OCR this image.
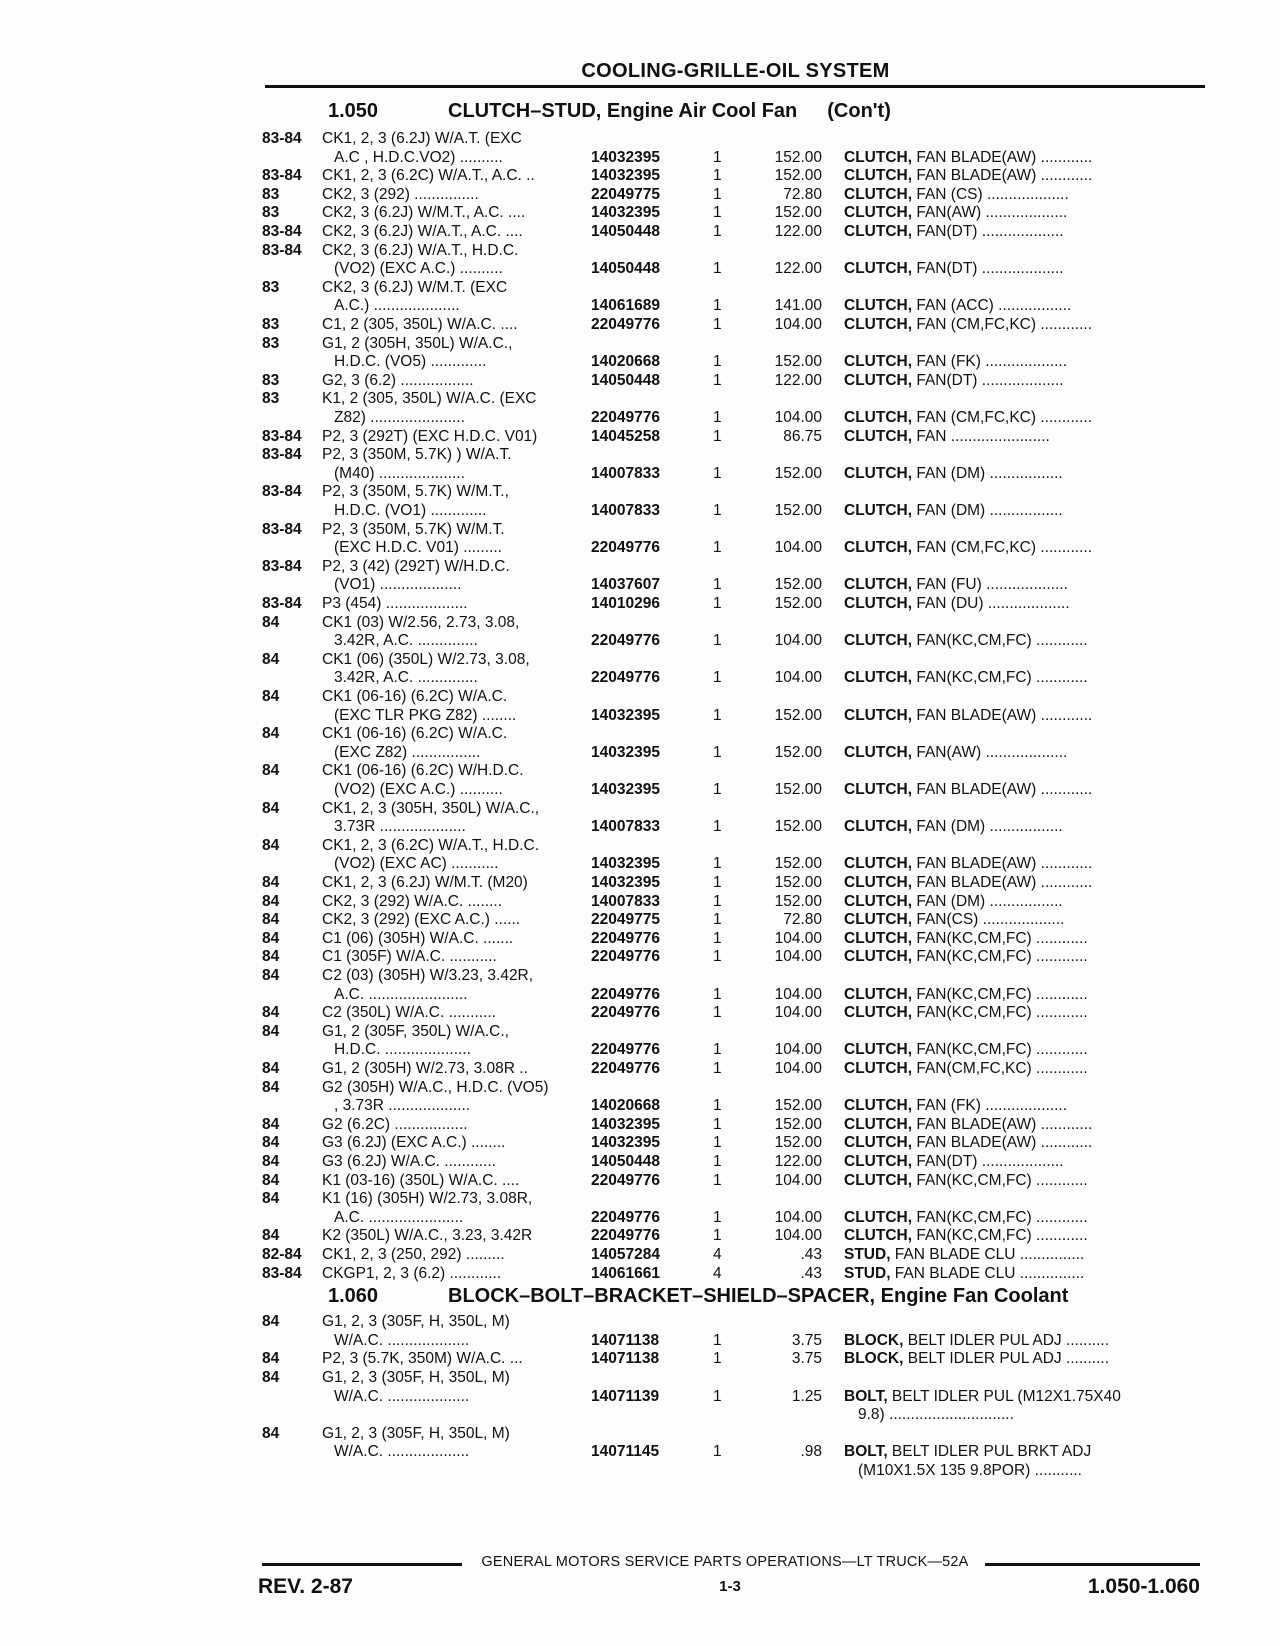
COOLING-GRILLE-OIL SYSTEM
1.050	CLUTCH–STUD, Engine Air Cool Fan (Con't)
1.060	BLOCK–BOLT–BRACKET–SHIELD–SPACER, Engine Fan Coolant
83-84	CK1, 2, 3 (6.2J) W/A.T. (EXC
A.C , H.D.C.VO2) ..........	14032395	1	152.00 CLUTCH, FAN BLADE(AW) ............
83-84	CK1, 2, 3 (6.2C) W/A.T., A.C. ..	14032395	1	152.00 CLUTCH, FAN BLADE(AW) ............
83	CK2, 3 (292) ...............	22049775	1	72.80 CLUTCH, FAN (CS) ...................
83	CK2, 3 (6.2J) W/M.T., A.C. ....	14032395	1	152.00 CLUTCH, FAN(AW) ...................
83-84	CK2, 3 (6.2J) W/A.T., A.C. ....	14050448	1	122.00 CLUTCH, FAN(DT) ...................
83-84	CK2, 3 (6.2J) W/A.T., H.D.C.
(VO2) (EXC A.C.) ..........	14050448	1	122.00 CLUTCH, FAN(DT) ...................
83	CK2, 3 (6.2J) W/M.T. (EXC
A.C.) ....................	14061689	1	141.00 CLUTCH, FAN (ACC) .................
83	C1, 2 (305, 350L) W/A.C. ....	22049776	1	104.00 CLUTCH, FAN (CM,FC,KC) ............
83	G1, 2 (305H, 350L) W/A.C.,
H.D.C. (VO5) .............	14020668	1	152.00 CLUTCH, FAN (FK) ...................
83	G2, 3 (6.2) .................	14050448	1	122.00 CLUTCH, FAN(DT) ...................
83	K1, 2 (305, 350L) W/A.C. (EXC
Z82) ......................	22049776	1	104.00 CLUTCH, FAN (CM,FC,KC) ............
83-84	P2, 3 (292T) (EXC H.D.C. V01)	14045258	1	86.75 CLUTCH, FAN .......................
83-84	P2, 3 (350M, 5.7K) ) W/A.T.
(M40) ....................	14007833	1	152.00 CLUTCH, FAN (DM) .................
83-84	P2, 3 (350M, 5.7K) W/M.T.,
H.D.C. (VO1) .............	14007833	1	152.00 CLUTCH, FAN (DM) .................
83-84	P2, 3 (350M, 5.7K) W/M.T.
(EXC H.D.C. V01) .........	22049776	1	104.00 CLUTCH, FAN (CM,FC,KC) ............
83-84	P2, 3 (42) (292T) W/H.D.C.
(VO1) ...................	14037607	1	152.00 CLUTCH, FAN (FU) ...................
83-84	P3 (454) ...................	14010296	1	152.00 CLUTCH, FAN (DU) ...................
84	CK1 (03) W/2.56, 2.73, 3.08,
3.42R, A.C. ..............	22049776	1	104.00 CLUTCH, FAN(KC,CM,FC) ............
84	CK1 (06) (350L) W/2.73, 3.08,
3.42R, A.C. ..............	22049776	1	104.00 CLUTCH, FAN(KC,CM,FC) ............
84	CK1 (06-16) (6.2C) W/A.C.
(EXC TLR PKG Z82) ........	14032395	1	152.00 CLUTCH, FAN BLADE(AW) ............
84	CK1 (06-16) (6.2C) W/A.C.
(EXC Z82) ................	14032395	1	152.00 CLUTCH, FAN(AW) ...................
84	CK1 (06-16) (6.2C) W/H.D.C.
(VO2) (EXC A.C.) ..........	14032395	1	152.00 CLUTCH, FAN BLADE(AW) ............
84	CK1, 2, 3 (305H, 350L) W/A.C.,
3.73R ....................	14007833	1	152.00 CLUTCH, FAN (DM) .................
84	CK1, 2, 3 (6.2C) W/A.T., H.D.C.
(VO2) (EXC AC) ...........	14032395	1	152.00 CLUTCH, FAN BLADE(AW) ............
84	CK1, 2, 3 (6.2J) W/M.T. (M20)	14032395	1	152.00 CLUTCH, FAN BLADE(AW) ............
84	CK2, 3 (292) W/A.C. ........	14007833	1	152.00 CLUTCH, FAN (DM) .................
84	CK2, 3 (292) (EXC A.C.) ......	22049775	1	72.80 CLUTCH, FAN(CS) ...................
84	C1 (06) (305H) W/A.C. .......	22049776	1	104.00 CLUTCH, FAN(KC,CM,FC) ............
84	C1 (305F) W/A.C. ...........	22049776	1	104.00 CLUTCH, FAN(KC,CM,FC) ............
84	C2 (03) (305H) W/3.23, 3.42R,
A.C. .......................	22049776	1	104.00 CLUTCH, FAN(KC,CM,FC) ............
84	C2 (350L) W/A.C. ...........	22049776	1	104.00 CLUTCH, FAN(KC,CM,FC) ............
84	G1, 2 (305F, 350L) W/A.C.,
H.D.C. ....................	22049776	1	104.00 CLUTCH, FAN(KC,CM,FC) ............
84	G1, 2 (305H) W/2.73, 3.08R ..	22049776	1	104.00 CLUTCH, FAN(CM,FC,KC) ............
84	G2 (305H) W/A.C., H.D.C. (VO5)
, 3.73R ...................	14020668	1	152.00 CLUTCH, FAN (FK) ...................
84	G2 (6.2C) .................	14032395	1	152.00 CLUTCH, FAN BLADE(AW) ............
84	G3 (6.2J) (EXC A.C.) ........	14032395	1	152.00 CLUTCH, FAN BLADE(AW) ............
84	G3 (6.2J) W/A.C. ............	14050448	1	122.00 CLUTCH, FAN(DT) ...................
84	K1 (03-16) (350L) W/A.C. ....	22049776	1	104.00 CLUTCH, FAN(KC,CM,FC) ............
84	K1 (16) (305H) W/2.73, 3.08R,
A.C. ......................	22049776	1	104.00 CLUTCH, FAN(KC,CM,FC) ............
84	K2 (350L) W/A.C., 3.23, 3.42R	22049776	1	104.00 CLUTCH, FAN(KC,CM,FC) ............
82-84	CK1, 2, 3 (250, 292) .........	14057284	4	.43 STUD, FAN BLADE CLU ...............
83-84	CKGP1, 2, 3 (6.2) ............	14061661	4	.43 STUD, FAN BLADE CLU ...............
84	G1, 2, 3 (305F, H, 350L, M)
W/A.C. ...................	14071138	1	3.75 BLOCK, BELT IDLER PUL ADJ ..........
84	P2, 3 (5.7K, 350M) W/A.C. ...	14071138	1	3.75 BLOCK, BELT IDLER PUL ADJ ..........
84	G1, 2, 3 (305F, H, 350L, M)
W/A.C. ...................	14071139	1	1.25 BOLT, BELT IDLER PUL (M12X1.75X40
9.8) .............................
84	G1, 2, 3 (305F, H, 350L, M)
W/A.C. ...................	14071145	1	.98 BOLT, BELT IDLER PUL BRKT ADJ
(M10X1.5X 135 9.8POR) ...........
GENERAL MOTORS SERVICE PARTS OPERATIONS—LT TRUCK—52A
REV. 2-87	1-3	1.050-1.060
